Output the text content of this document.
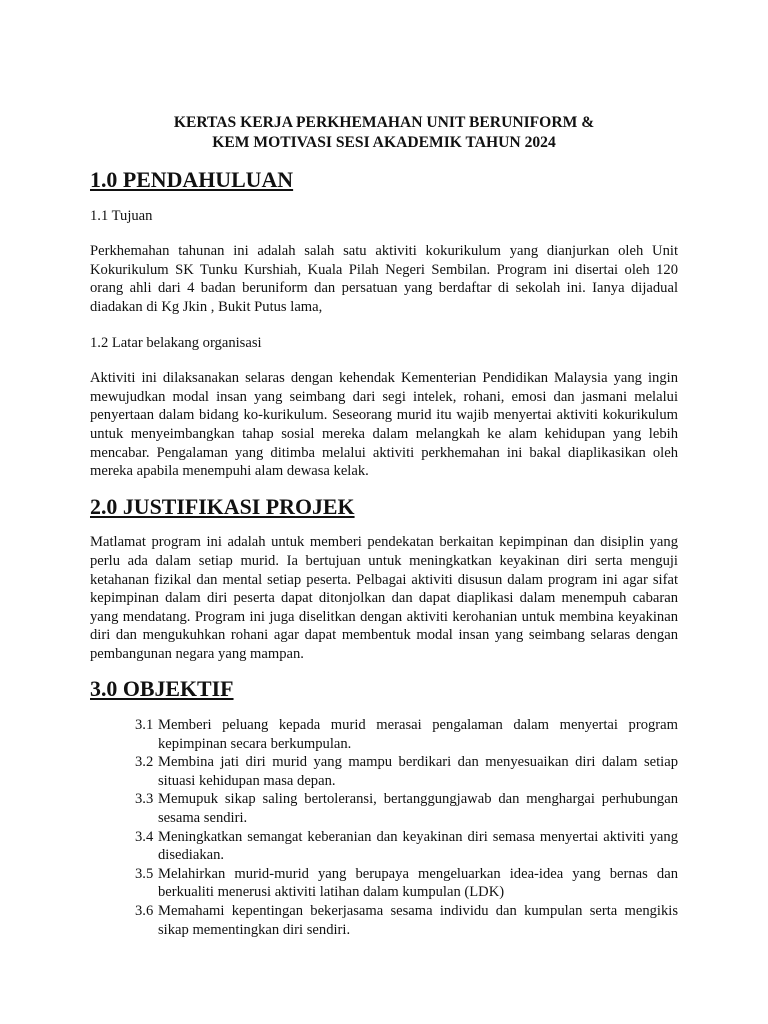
KERTAS KERJA PERKHEMAHAN UNIT BERUNIFORM &
KEM MOTIVASI SESI AKADEMIK TAHUN 2024
1.0 PENDAHULUAN
1.1 Tujuan

Perkhemahan tahunan ini adalah salah satu aktiviti kokurikulum yang dianjurkan oleh Unit Kokurikulum SK Tunku Kurshiah, Kuala Pilah Negeri Sembilan. Program ini disertai oleh 120 orang ahli dari 4 badan beruniform dan persatuan yang berdaftar di sekolah ini. Ianya dijadual diadakan di Kg Jkin , Bukit Putus lama,

1.2 Latar belakang organisasi

Aktiviti ini dilaksanakan selaras dengan kehendak Kementerian Pendidikan Malaysia yang ingin mewujudkan modal insan yang seimbang dari segi intelek, rohani, emosi dan jasmani melalui penyertaan dalam bidang ko-kurikulum. Seseorang murid itu wajib menyertai aktiviti kokurikulum untuk menyeimbangkan tahap sosial mereka dalam melangkah ke alam kehidupan yang lebih mencabar. Pengalaman yang ditimba melalui aktiviti perkhemahan ini bakal diaplikasikan oleh mereka apabila menempuhi alam dewasa kelak.

2.0 JUSTIFIKASI PROJEK

Matlamat program ini adalah untuk memberi pendekatan berkaitan kepimpinan dan disiplin yang perlu ada dalam setiap murid. Ia bertujuan untuk meningkatkan keyakinan diri serta menguji ketahanan fizikal dan mental setiap peserta. Pelbagai aktiviti disusun dalam program ini agar sifat kepimpinan dalam diri peserta dapat ditonjolkan dan dapat diaplikasi dalam menempuh cabaran yang mendatang. Program ini juga diselitkan dengan aktiviti kerohanian untuk membina keyakinan diri dan mengukuhkan rohani agar dapat membentuk modal insan yang seimbang selaras dengan pembangunan negara yang mampan.

3.0 OBJEKTIF
3.1 Memberi peluang kepada murid merasai pengalaman dalam menyertai program kepimpinan secara berkumpulan.
3.2 Membina jati diri murid yang mampu berdikari dan menyesuaikan diri dalam setiap situasi kehidupan masa depan.
3.3 Memupuk sikap saling bertoleransi, bertanggungjawab dan menghargai perhubungan sesama sendiri.
3.4 Meningkatkan semangat keberanian dan keyakinan diri semasa menyertai aktiviti yang disediakan.
3.5 Melahirkan murid-murid yang berupaya mengeluarkan idea-idea yang bernas dan berkualiti menerusi aktiviti latihan dalam kumpulan (LDK)
3.6 Memahami kepentingan bekerjasama sesama individu dan kumpulan serta mengikis sikap mementingkan diri sendiri.
